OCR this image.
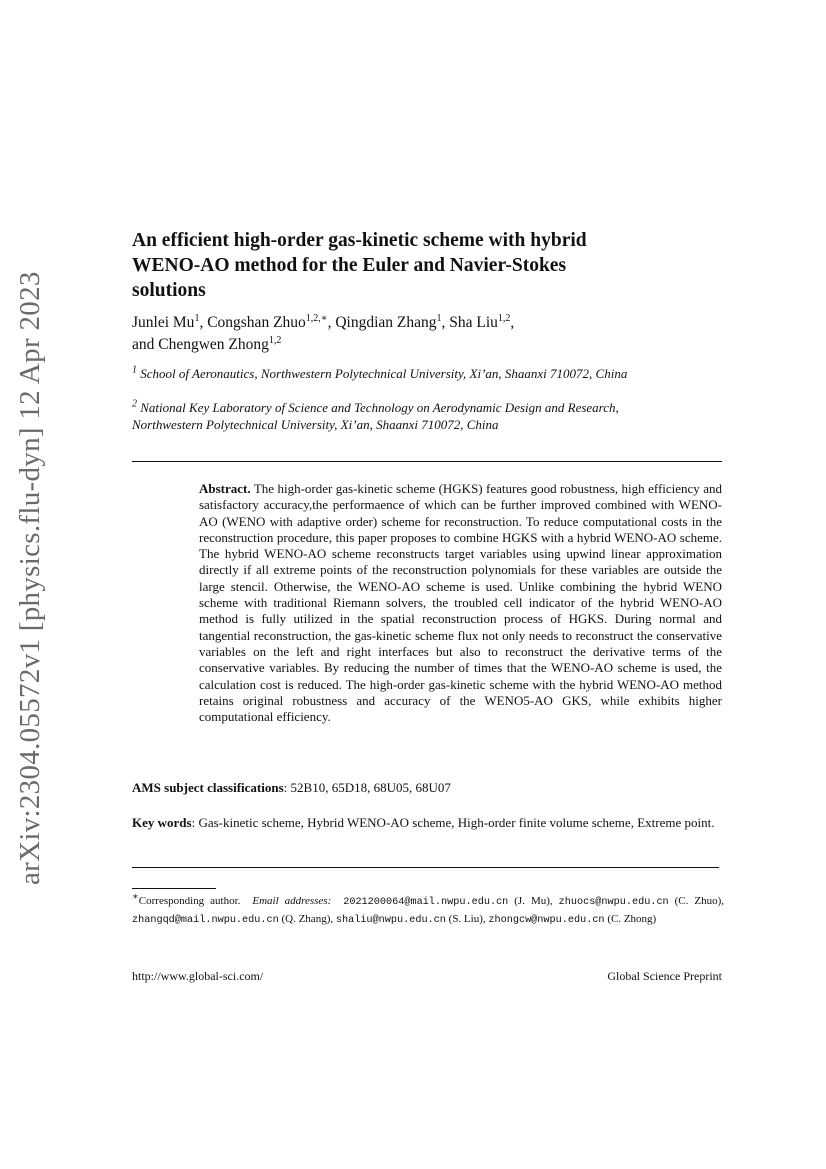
arXiv:2304.05572v1 [physics.flu-dyn] 12 Apr 2023
An efficient high-order gas-kinetic scheme with hybrid WENO-AO method for the Euler and Navier-Stokes solutions
Junlei Mu$^1$, Congshan Zhuo$^{1,2,∗}$, Qingdian Zhang$^1$, Sha Liu$^{1,2}$,
and Chengwen Zhong$^{1,2}$
$^1$ School of Aeronautics, Northwestern Polytechnical University, Xi’an, Shaanxi 710072, China
$^2$ National Key Laboratory of Science and Technology on Aerodynamic Design and Research, Northwestern Polytechnical University, Xi’an, Shaanxi 710072, China

Abstract. The high-order gas-kinetic scheme (HGKS) features good robustness, high efficiency and satisfactory accuracy,the performaence of which can be further improved combined with WENO-AO (WENO with adaptive order) scheme for reconstruction. To reduce computational costs in the reconstruction procedure, this paper proposes to combine HGKS with a hybrid WENO-AO scheme. The hybrid WENO-AO scheme reconstructs target variables using upwind linear approximation directly if all extreme points of the reconstruction polynomials for these variables are outside the large stencil. Otherwise, the WENO-AO scheme is used. Unlike combining the hybrid WENO scheme with traditional Riemann solvers, the troubled cell indicator of the hybrid WENO-AO method is fully utilized in the spatial reconstruction process of HGKS. During normal and tangential reconstruction, the gas-kinetic scheme flux not only needs to reconstruct the conservative variables on the left and right interfaces but also to reconstruct the derivative terms of the conservative variables. By reducing the number of times that the WENO-AO scheme is used, the calculation cost is reduced. The high-order gas-kinetic scheme with the hybrid WENO-AO method retains original robustness and accuracy of the WENO5-AO GKS, while exhibits higher computational efficiency.

AMS subject classifications: 52B10, 65D18, 68U05, 68U07
Key words: Gas-kinetic scheme, Hybrid WENO-AO scheme, High-order finite volume scheme, Extreme point.
∗Corresponding author. Email addresses: 2021200064@mail.nwpu.edu.cn (J. Mu), zhuocs@nwpu.edu.cn (C. Zhuo), zhangqd@mail.nwpu.edu.cn (Q. Zhang), shaliu@nwpu.edu.cn (S. Liu), zhongcw@nwpu.edu.cn (C. Zhong)
http://www.global-sci.com/	Global Science Preprint
